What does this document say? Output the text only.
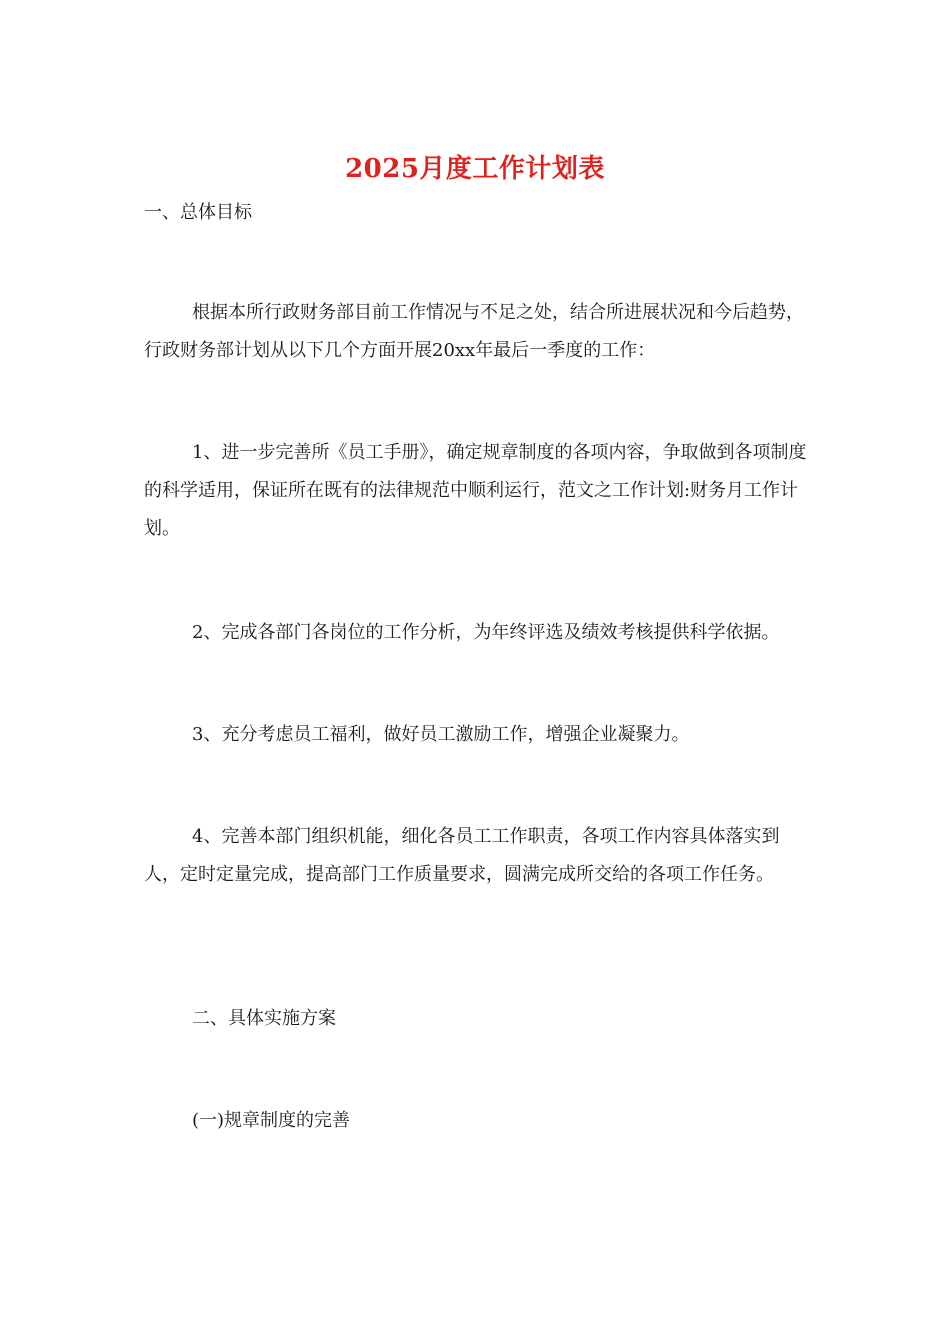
2025月度工作计划表

一、总体目标

根据本所行政财务部目前工作情况与不足之处，结合所进展状况和今后趋势，行政财务部计划从以下几个方面开展20xx年最后一季度的工作：

1、进一步完善所《员工手册》，确定规章制度的各项内容，争取做到各项制度的科学适用，保证所在既有的法律规范中顺利运行，范文之工作计划:财务月工作计划。

2、完成各部门各岗位的工作分析，为年终评选及绩效考核提供科学依据。

3、充分考虑员工福利，做好员工激励工作，增强企业凝聚力。

4、完善本部门组织机能，细化各员工工作职责，各项工作内容具体落实到人，定时定量完成，提高部门工作质量要求，圆满完成所交给的各项工作任务。

二、具体实施方案

(一)规章制度的完善
